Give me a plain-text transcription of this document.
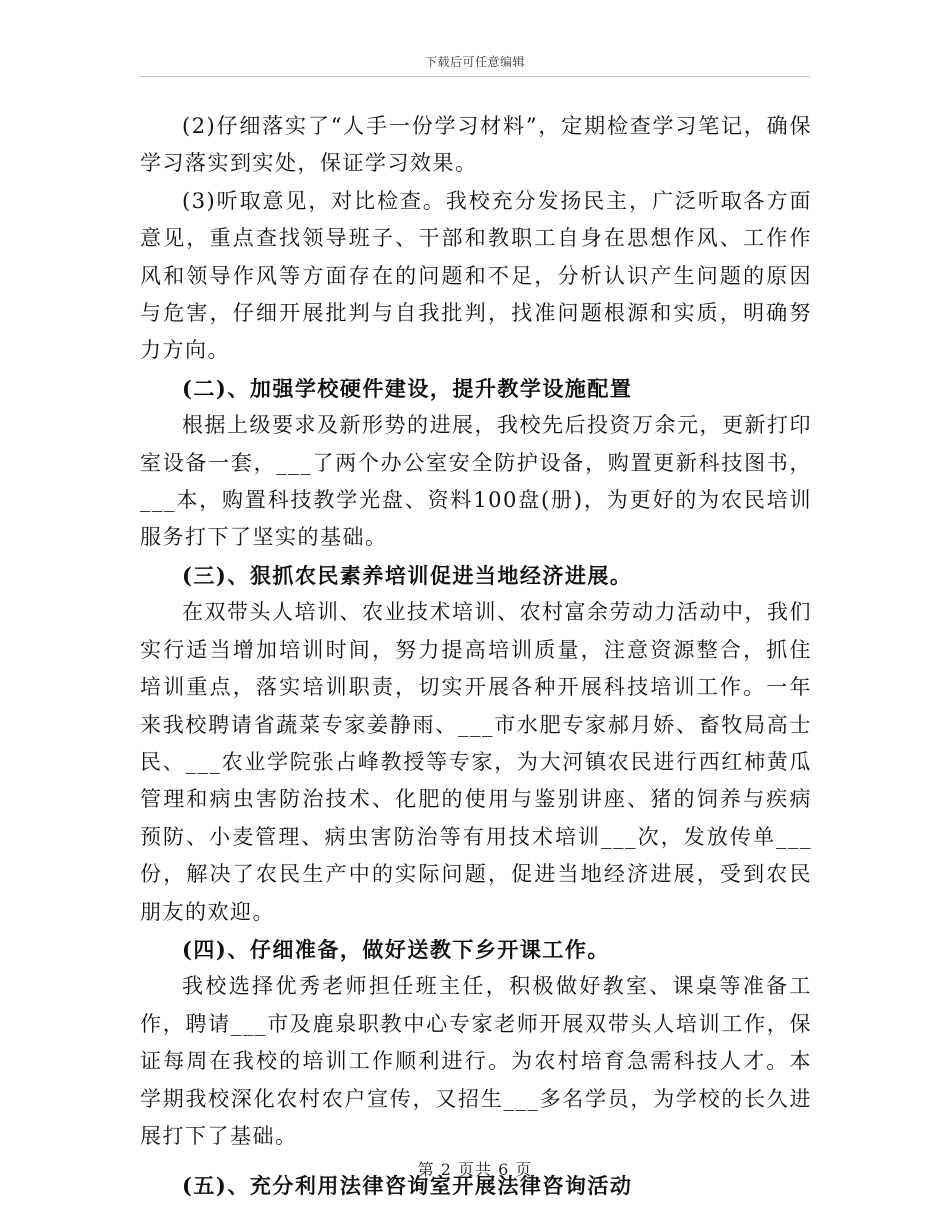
下载后可任意编辑

(2)仔细落实了“人手一份学习材料”，定期检查学习笔记，确保学习落实到实处，保证学习效果。

(3)听取意见，对比检查。我校充分发扬民主，广泛听取各方面意见，重点查找领导班子、干部和教职工自身在思想作风、工作作风和领导作风等方面存在的问题和不足，分析认识产生问题的原因与危害，仔细开展批判与自我批判，找准问题根源和实质，明确努力方向。

(二)、加强学校硬件建设，提升教学设施配置

根据上级要求及新形势的进展，我校先后投资万余元，更新打印室设备一套，___了两个办公室安全防护设备，购置更新科技图书，___本，购置科技教学光盘、资料100盘(册)，为更好的为农民培训服务打下了坚实的基础。

(三)、狠抓农民素养培训促进当地经济进展。

在双带头人培训、农业技术培训、农村富余劳动力活动中，我们实行适当增加培训时间，努力提高培训质量，注意资源整合，抓住培训重点，落实培训职责，切实开展各种开展科技培训工作。一年来我校聘请省蔬菜专家姜静雨、___市水肥专家郝月娇、畜牧局高士民、___农业学院张占峰教授等专家，为大河镇农民进行西红柿黄瓜管理和病虫害防治技术、化肥的使用与鉴别讲座、猪的饲养与疾病预防、小麦管理、病虫害防治等有用技术培训___次，发放传单___份，解决了农民生产中的实际问题，促进当地经济进展，受到农民朋友的欢迎。

(四)、仔细准备，做好送教下乡开课工作。

我校选择优秀老师担任班主任，积极做好教室、课桌等准备工作，聘请___市及鹿泉职教中心专家老师开展双带头人培训工作，保证每周在我校的培训工作顺利进行。为农村培育急需科技人才。本学期我校深化农村农户宣传，又招生___多名学员，为学校的长久进展打下了基础。

(五)、充分利用法律咨询室开展法律咨询活动

第 2 页共 6 页
